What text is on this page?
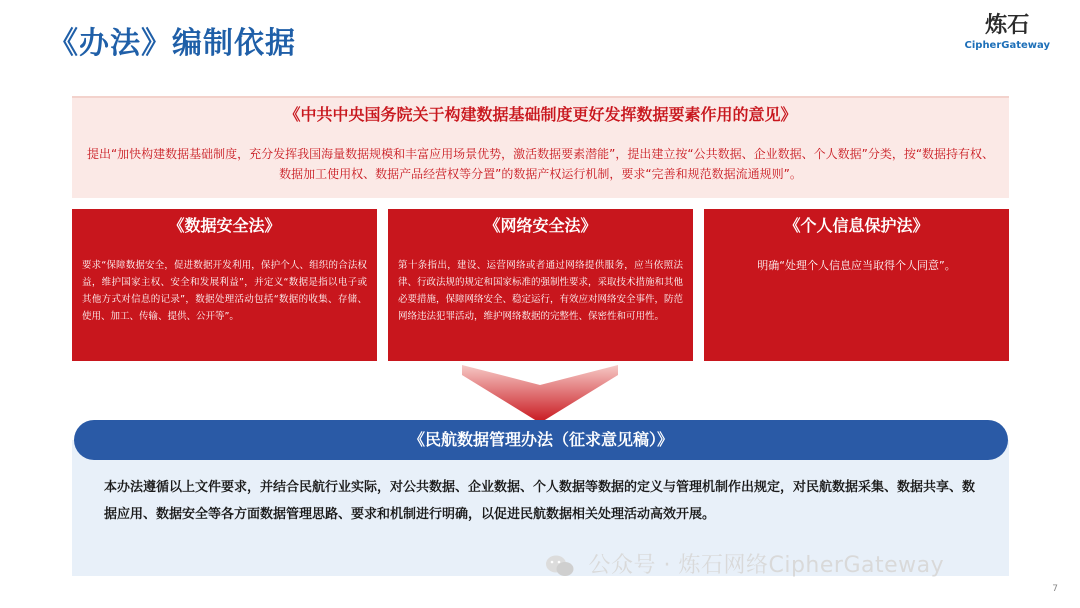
《办法》编制依据
炼石
CipherGateway
《中共中央国务院关于构建数据基础制度更好发挥数据要素作用的意见》
提出“加快构建数据基础制度，充分发挥我国海量数据规模和丰富应用场景优势，激活数据要素潜能”，提出建立按“公共数据、企业数据、个人数据”分类，按“数据持有权、数据加工使用权、数据产品经营权等分置”的数据产权运行机制，要求“完善和规范数据流通规则”。
《数据安全法》
要求“保障数据安全，促进数据开发利用，保护个人、组织的合法权益，维护国家主权、安全和发展利益”，并定义“数据是指以电子或其他方式对信息的记录”，数据处理活动包括“数据的收集、存储、使用、加工、传输、提供、公开等”。
《网络安全法》
第十条指出，建设、运营网络或者通过网络提供服务，应当依照法律、行政法规的规定和国家标准的强制性要求，采取技术措施和其他必要措施，保障网络安全、稳定运行，有效应对网络安全事件，防范网络违法犯罪活动，维护网络数据的完整性、保密性和可用性。
《个人信息保护法》
明确“处理个人信息应当取得个人同意”。
《民航数据管理办法（征求意见稿）》
本办法遵循以上文件要求，并结合民航行业实际，对公共数据、企业数据、个人数据等数据的定义与管理机制作出规定，对民航数据采集、数据共享、数据应用、数据安全等各方面数据管理思路、要求和机制进行明确，以促进民航数据相关处理活动高效开展。
公众号 · 炼石网络CipherGateway
7
